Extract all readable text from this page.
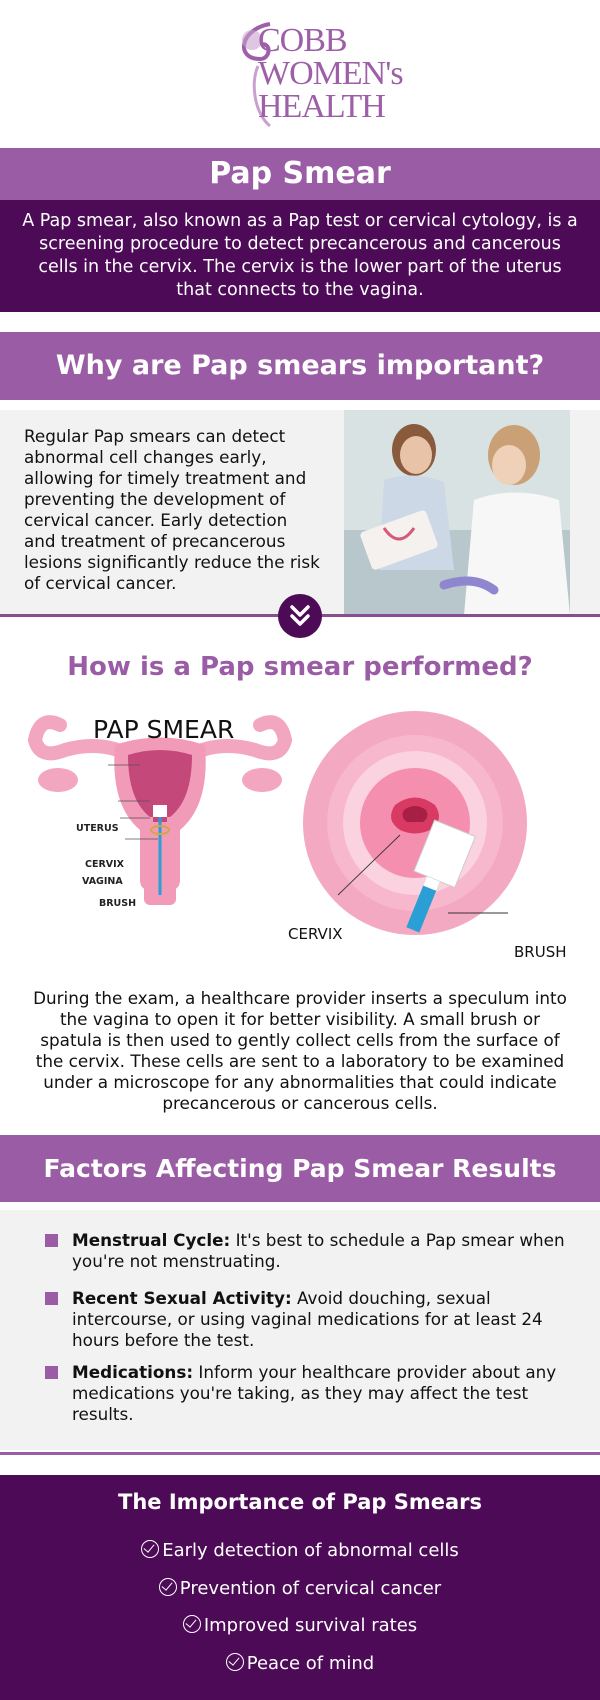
COBB
WOMEN's
HEALTH
Pap Smear
A Pap smear, also known as a Pap test or cervical cytology, is a screening procedure to detect precancerous and cancerous cells in the cervix. The cervix is the lower part of the uterus that connects to the vagina.
Why are Pap smears important?
Regular Pap smears can detect abnormal cell changes early, allowing for timely treatment and preventing the development of cervical cancer. Early detection and treatment of precancerous lesions significantly reduce the risk of cervical cancer.
How is a Pap smear performed?
PAP SMEAR
UTERUS
CERVIX
VAGINA
BRUSH
CERVIX
BRUSH
During the exam, a healthcare provider inserts a speculum into the vagina to open it for better visibility. A small brush or spatula is then used to gently collect cells from the surface of the cervix. These cells are sent to a laboratory to be examined under a microscope for any abnormalities that could indicate precancerous or cancerous cells.
Factors Affecting Pap Smear Results
Menstrual Cycle: It's best to schedule a Pap smear when you're not menstruating.
Recent Sexual Activity: Avoid douching, sexual intercourse, or using vaginal medications for at least 24 hours before the test.
Medications: Inform your healthcare provider about any medications you're taking, as they may affect the test results.
The Importance of Pap Smears
Early detection of abnormal cells
Prevention of cervical cancer
Improved survival rates
Peace of mind
